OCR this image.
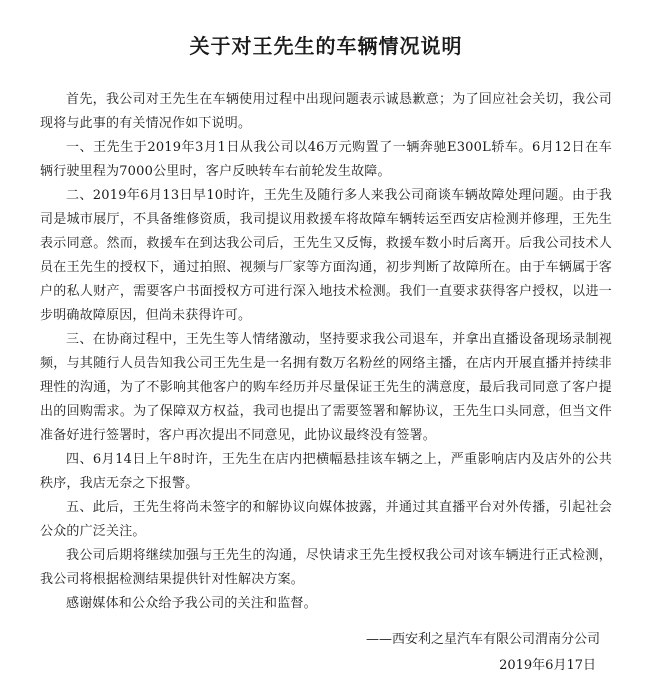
关于对王先生的车辆情况说明

首先，我公司对王先生在车辆使用过程中出现问题表示诚恳歉意；为了回应社会关切，我公司现将与此事的有关情况作如下说明。

一、王先生于2019年3月1日从我公司以46万元购置了一辆奔驰E300L轿车。6月12日在车辆行驶里程为7000公里时，客户反映转车右前轮发生故障。

二、2019年6月13日早10时许，王先生及随行多人来我公司商谈车辆故障处理问题。由于我司是城市展厅，不具备维修资质，我司提议用救援车将故障车辆转运至西安店检测并修理，王先生表示同意。然而，救援车在到达我公司后，王先生又反悔，救援车数小时后离开。后我公司技术人员在王先生的授权下，通过拍照、视频与厂家等方面沟通，初步判断了故障所在。由于车辆属于客户的私人财产，需要客户书面授权方可进行深入地技术检测。我们一直要求获得客户授权，以进一步明确故障原因，但尚未获得许可。

三、在协商过程中，王先生等人情绪激动，坚持要求我公司退车，并拿出直播设备现场录制视频，与其随行人员告知我公司王先生是一名拥有数万名粉丝的网络主播，在店内开展直播并持续非理性的沟通，为了不影响其他客户的购车经历并尽量保证王先生的满意度，最后我司同意了客户提出的回购需求。为了保障双方权益，我司也提出了需要签署和解协议，王先生口头同意，但当文件准备好进行签署时，客户再次提出不同意见，此协议最终没有签署。

四、6月14日上午8时许，王先生在店内把横幅悬挂该车辆之上，严重影响店内及店外的公共秩序，我店无奈之下报警。

五、此后，王先生将尚未签字的和解协议向媒体披露，并通过其直播平台对外传播，引起社会公众的广泛关注。

我公司后期将继续加强与王先生的沟通，尽快请求王先生授权我公司对该车辆进行正式检测，我公司将根据检测结果提供针对性解决方案。

感谢媒体和公众给予我公司的关注和监督。

——西安利之星汽车有限公司渭南分公司

2019年6月17日
